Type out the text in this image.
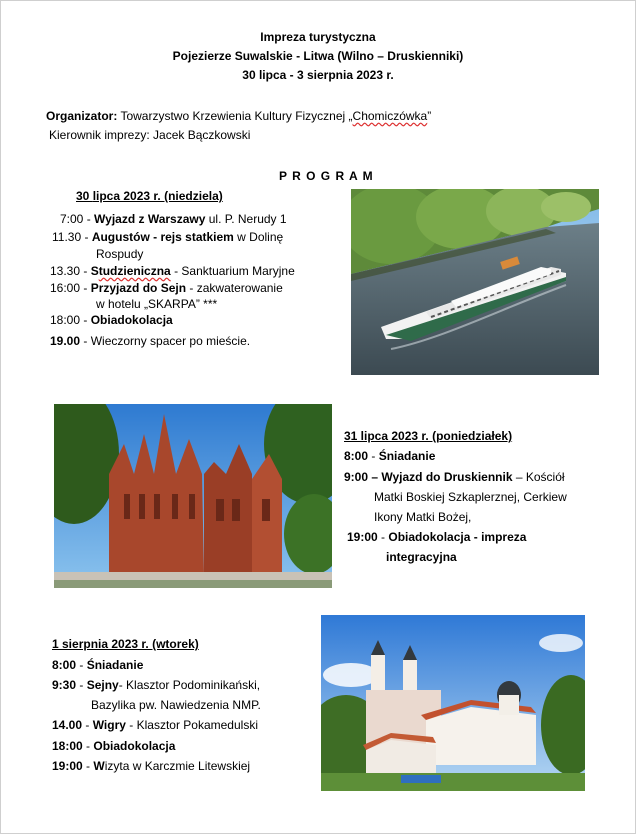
Impreza turystyczna
Pojezierze Suwalskie - Litwa (Wilno – Druskienniki)
30 lipca - 3 sierpnia 2023 r.
Organizator: Towarzystwo Krzewienia Kultury Fizycznej „Chomiczówka”
Kierownik imprezy: Jacek Bączkowski
P R O G R A M
30 lipca 2023 r. (niedziela)
7:00 - Wyjazd z Warszawy ul. P. Nerudy 1
11.30 - Augustów - rejs statkiem w Dolinę
Rospudy
13.30 - Studzieniczna - Sanktuarium Maryjne
16:00 - Przyjazd do Sejn - zakwaterowanie
w hotelu „SKARPA” ***
18:00 - Obiadokolacja
19.00 - Wieczorny spacer po mieście.
31 lipca 2023 r. (poniedziałek)
8:00 - Śniadanie
9:00 – Wyjazd do Druskiennik – Kościół
Matki Boskiej Szkaplerznej, Cerkiew
Ikony Matki Bożej,
19:00 - Obiadokolacja - impreza
integracyjna
1 sierpnia 2023 r. (wtorek)
8:00 - Śniadanie
9:30 - Sejny- Klasztor Podominikański,
Bazylika pw. Nawiedzenia NMP.
14.00 - Wigry - Klasztor Pokamedulski
18:00 - Obiadokolacja
19:00 - Wizyta w Karczmie Litewskiej
